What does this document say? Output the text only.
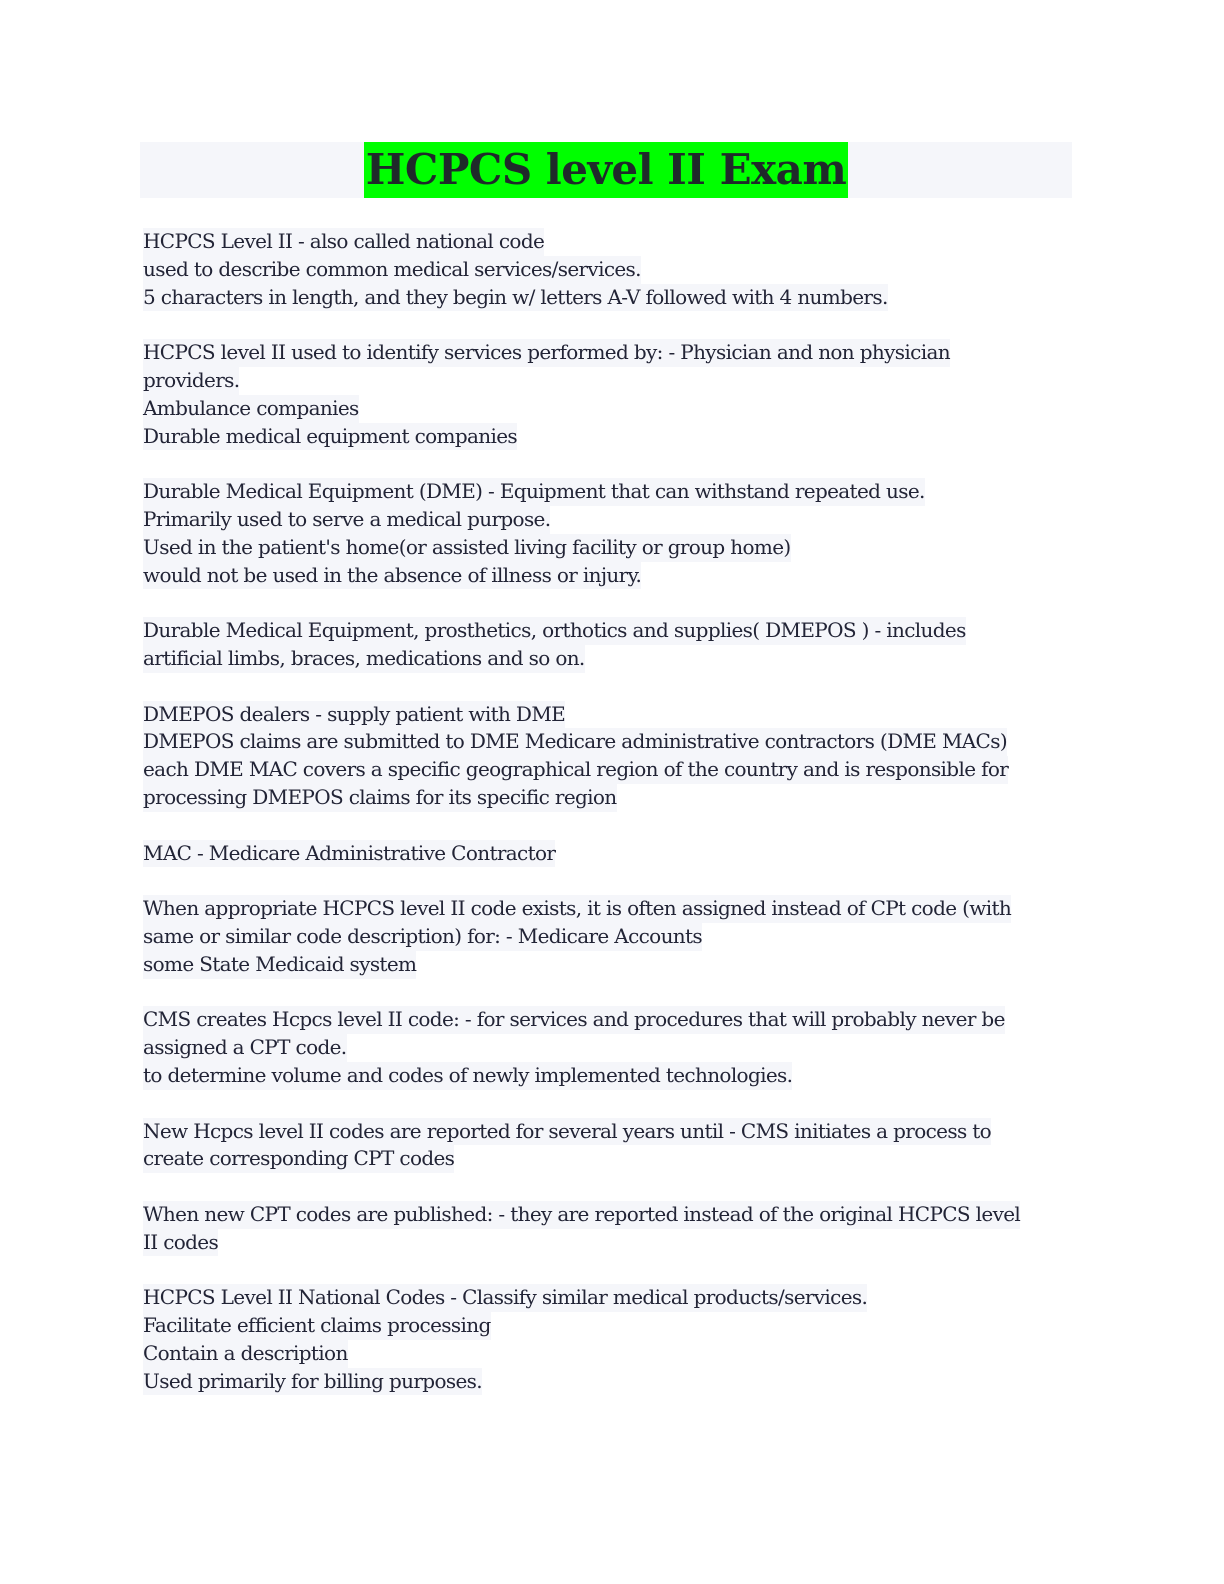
HCPCS level II Exam
HCPCS Level II - also called national code
used to describe common medical services/services.
5 characters in length, and they begin w/ letters A-V followed with 4 numbers.
HCPCS level II used to identify services performed by: - Physician and non physician
providers.
Ambulance companies
Durable medical equipment companies
Durable Medical Equipment (DME) - Equipment that can withstand repeated use.
Primarily used to serve a medical purpose.
Used in the patient's home(or assisted living facility or group home)
would not be used in the absence of illness or injury.
Durable Medical Equipment, prosthetics, orthotics and supplies( DMEPOS ) - includes
artificial limbs, braces, medications and so on.
DMEPOS dealers - supply patient with DME
DMEPOS claims are submitted to DME Medicare administrative contractors (DME MACs)
each DME MAC covers a specific geographical region of the country and is responsible for
processing DMEPOS claims for its specific region
MAC - Medicare Administrative Contractor
When appropriate HCPCS level II code exists, it is often assigned instead of CPt code (with
same or similar code description) for: - Medicare Accounts
some State Medicaid system
CMS creates Hcpcs level II code: - for services and procedures that will probably never be
assigned a CPT code.
to determine volume and codes of newly implemented technologies.
New Hcpcs level II codes are reported for several years until - CMS initiates a process to
create corresponding CPT codes
When new CPT codes are published: - they are reported instead of the original HCPCS level
II codes
HCPCS Level II National Codes - Classify similar medical products/services.
Facilitate efficient claims processing
Contain a description
Used primarily for billing purposes.
